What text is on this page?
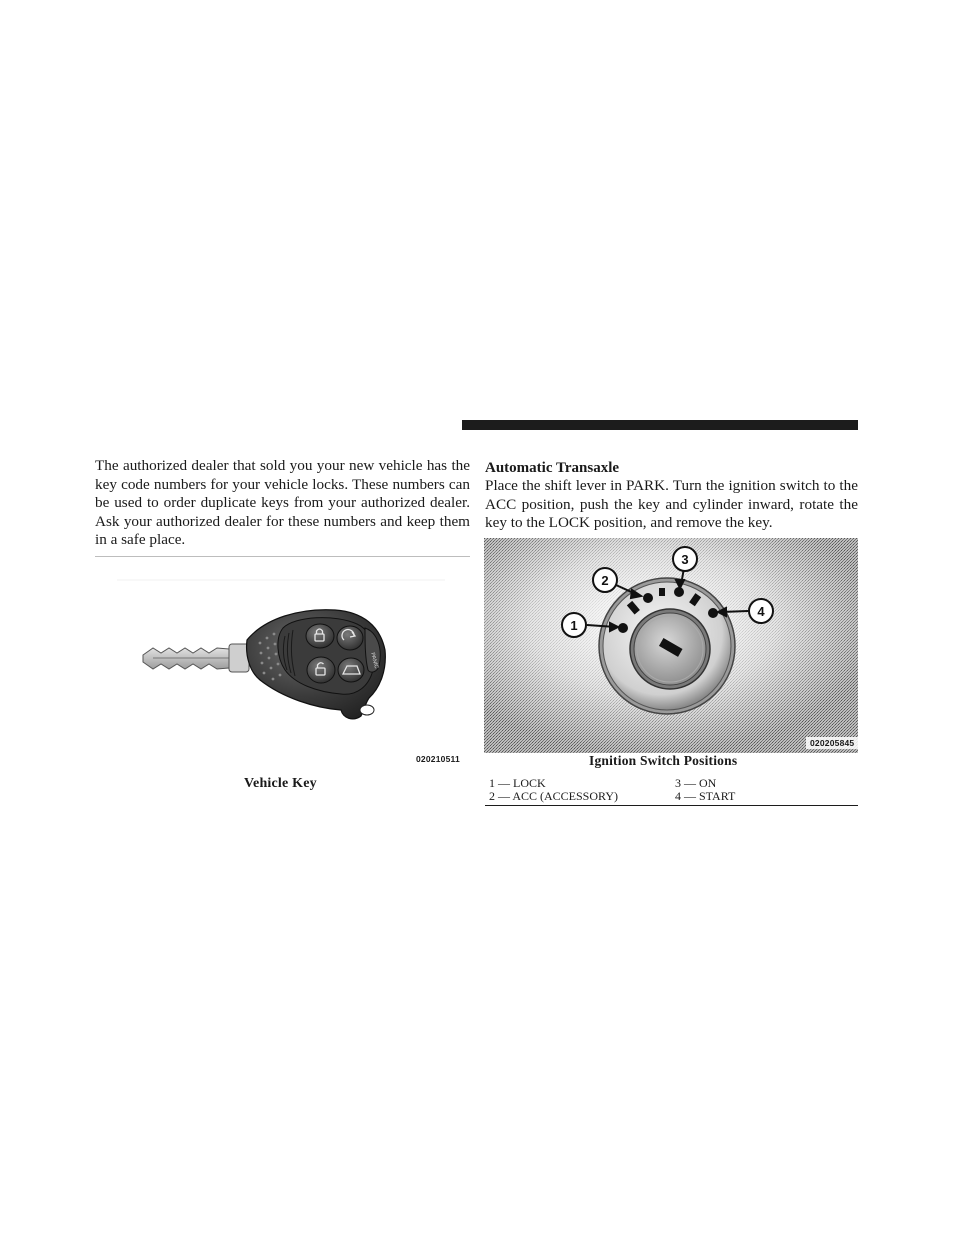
The authorized dealer that sold you your new vehicle has the key code numbers for your vehicle locks. These numbers can be used to order duplicate keys from your authorized dealer. Ask your authorized dealer for these numbers and keep them in a safe place.

PANIC
020210511
Vehicle Key

Automatic Transaxle

Place the shift lever in PARK. Turn the ignition switch to the ACC position, push the key and cylinder inward, rotate the key to the LOCK position, and remove the key.

1
2
3
4
020205845
Ignition Switch Positions
1 — LOCK	3 — ON
2 — ACC (ACCESSORY)	4 — START
